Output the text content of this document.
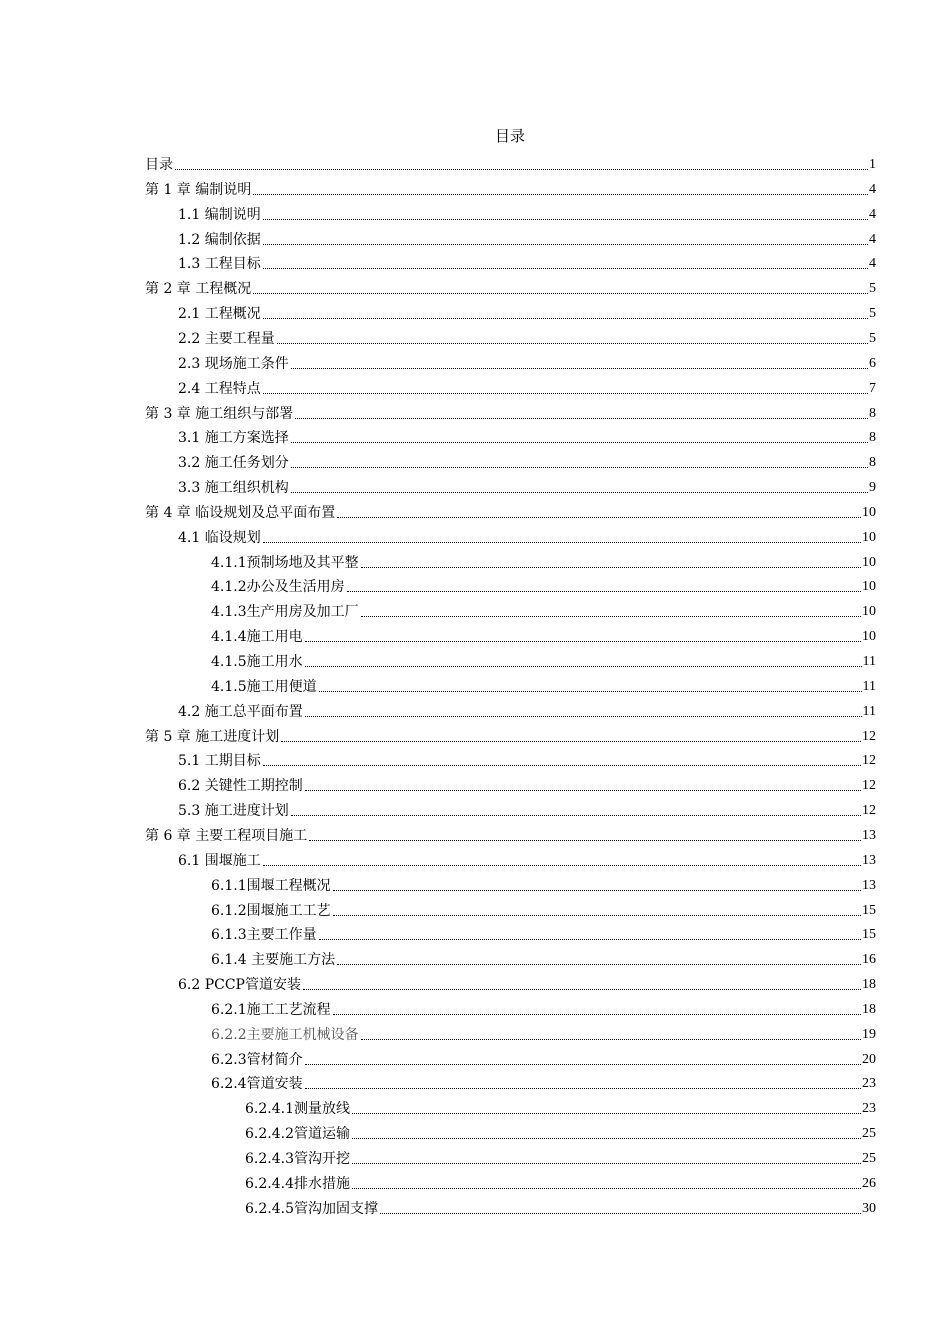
目录
目录	1
第 1 章 编制说明	4
1.1 编制说明	4
1.2 编制依据	4
1.3 工程目标	4
第 2 章 工程概况	5
2.1 工程概况	5
2.2 主要工程量	5
2.3 现场施工条件	6
2.4 工程特点	7
第 3 章 施工组织与部署	8
3.1 施工方案选择	8
3.2 施工任务划分	8
3.3 施工组织机构	9
第 4 章 临设规划及总平面布置	10
4.1 临设规划	10
4.1.1预制场地及其平整	10
4.1.2办公及生活用房	10
4.1.3生产用房及加工厂	10
4.1.4施工用电	10
4.1.5施工用水	11
4.1.5施工用便道	11
4.2 施工总平面布置	11
第 5 章 施工进度计划	12
5.1 工期目标	12
6.2 关键性工期控制	12
5.3 施工进度计划	12
第 6 章 主要工程项目施工	13
6.1 围堰施工	13
6.1.1围堰工程概况	13
6.1.2围堰施工工艺	15
6.1.3主要工作量	15
6.1.4 主要施工方法	16
6.2 PCCP管道安装	18
6.2.1施工工艺流程	18
6.2.2主要施工机械设备	19
6.2.3管材简介	20
6.2.4管道安装	23
6.2.4.1测量放线	23
6.2.4.2管道运输	25
6.2.4.3管沟开挖	25
6.2.4.4排水措施	26
6.2.4.5管沟加固支撑	30
